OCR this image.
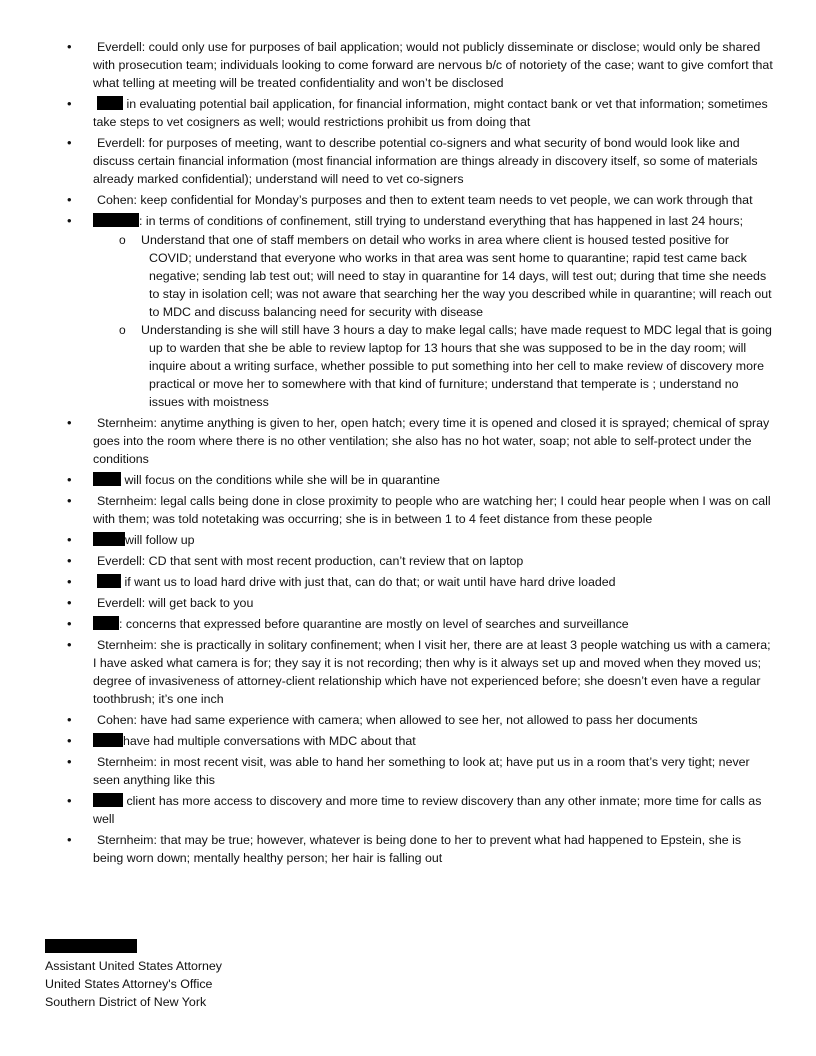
• Everdell: could only use for purposes of bail application; would not publicly disseminate or disclose; would only be shared with prosecution team; individuals looking to come forward are nervous b/c of notoriety of the case; want to give comfort that what telling at meeting will be treated confidentiality and won’t be disclosed
• in evaluating potential bail application, for financial information, might contact bank or vet that information; sometimes take steps to vet cosigners as well; would restrictions prohibit us from doing that
• Everdell: for purposes of meeting, want to describe potential co-signers and what security of bond would look like and discuss certain financial information (most financial information are things already in discovery itself, so some of materials already marked confidential); understand will need to vet co-signers
• Cohen: keep confidential for Monday’s purposes and then to extent team needs to vet people, we can work through that
• : in terms of conditions of confinement, still trying to understand everything that has happened in last 24 hours;
o Understand that one of staff members on detail who works in area where client is housed tested positive for COVID; understand that everyone who works in that area was sent home to quarantine; rapid test came back negative; sending lab test out; will need to stay in quarantine for 14 days, will test out; during that time she needs to stay in isolation cell; was not aware that searching her the way you described while in quarantine; will reach out to MDC and discuss balancing need for security with disease
o Understanding is she will still have 3 hours a day to make legal calls; have made request to MDC legal that is going up to warden that she be able to review laptop for 13 hours that she was supposed to be in the day room; will inquire about a writing surface, whether possible to put something into her cell to make review of discovery more practical or move her to somewhere with that kind of furniture; understand that temperate is ; understand no issues with moistness
• Sternheim: anytime anything is given to her, open hatch; every time it is opened and closed it is sprayed; chemical of spray goes into the room where there is no other ventilation; she also has no hot water, soap; not able to self-protect under the conditions
• will focus on the conditions while she will be in quarantine
• Sternheim: legal calls being done in close proximity to people who are watching her; I could hear people when I was on call with them; was told notetaking was occurring; she is in between 1 to 4 feet distance from these people
• will follow up
• Everdell: CD that sent with most recent production, can’t review that on laptop
• if want us to load hard drive with just that, can do that; or wait until have hard drive loaded
• Everdell: will get back to you
• : concerns that expressed before quarantine are mostly on level of searches and surveillance
• Sternheim: she is practically in solitary confinement; when I visit her, there are at least 3 people watching us with a camera; I have asked what camera is for; they say it is not recording; then why is it always set up and moved when they moved us; degree of invasiveness of attorney-client relationship which have not experienced before; she doesn’t even have a regular toothbrush; it’s one inch
• Cohen: have had same experience with camera; when allowed to see her, not allowed to pass her documents
• have had multiple conversations with MDC about that
• Sternheim: in most recent visit, was able to hand her something to look at; have put us in a room that’s very tight; never seen anything like this
• client has more access to discovery and more time to review discovery than any other inmate; more time for calls as well
• Sternheim: that may be true; however, whatever is being done to her to prevent what had happened to Epstein, she is being worn down; mentally healthy person; her hair is falling out
Assistant United States Attorney
United States Attorney's Office
Southern District of New York
